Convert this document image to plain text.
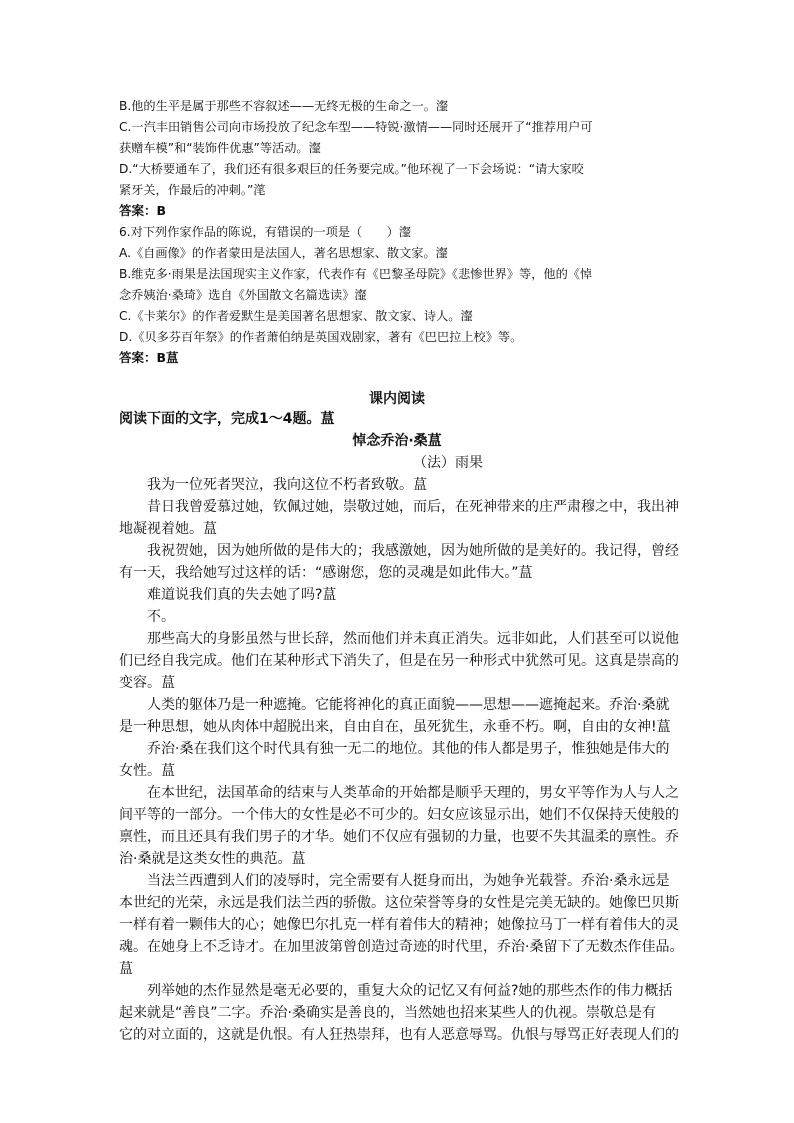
B.他的生平是属于那些不容叙述——无终无极的生命之一。瀣
C.一汽丰田销售公司向市场投放了纪念车型——特锐·激情——同时还展开了“推荐用户可
获赠车模”和“装饰件优惠”等活动。瀣
D.“大桥要通车了，我们还有很多艰巨的任务要完成。”他环视了一下会场说：“请大家咬
紧牙关，作最后的冲刺。”滗
答案：B
6.对下列作家作品的陈说，有错误的一项是（　　）瀣
A.《自画像》的作者蒙田是法国人，著名思想家、散文家。瀣
B.维克多·雨果是法国现实主义作家，代表作有《巴黎圣母院》《悲惨世界》等，他的《悼
念乔姨治·桑琦》选自《外国散文名篇选读》瀣
C.《卡莱尔》的作者爱默生是美国著名思想家、散文家、诗人。瀣
D.《贝多芬百年祭》的作者萧伯纳是英国戏剧家，著有《巴巴拉上校》等。
答案：B蒀
课内阅读
阅读下面的文字，完成1～4题。蒀
悼念乔治·桑蒀
（法）雨果
我为一位死者哭泣，我向这位不朽者致敬。蒀
昔日我曾爱慕过她，钦佩过她，崇敬过她，而后，在死神带来的庄严肃穆之中，我出神
地凝视着她。蒀
我祝贺她，因为她所做的是伟大的；我感激她，因为她所做的是美好的。我记得，曾经
有一天，我给她写过这样的话：“感谢您，您的灵魂是如此伟大。”蒀
难道说我们真的失去她了吗?蒀
不。
那些高大的身影虽然与世长辞，然而他们并未真正消失。远非如此，人们甚至可以说他
们已经自我完成。他们在某种形式下消失了，但是在另一种形式中犹然可见。这真是崇高的
变容。蒀
人类的躯体乃是一种遮掩。它能将神化的真正面貌——思想——遮掩起来。乔治·桑就
是一种思想，她从肉体中超脱出来，自由自在，虽死犹生，永垂不朽。啊，自由的女神!蒀
乔治·桑在我们这个时代具有独一无二的地位。其他的伟人都是男子，惟独她是伟大的
女性。蒀
在本世纪，法国革命的结束与人类革命的开始都是顺乎天理的，男女平等作为人与人之
间平等的一部分。一个伟大的女性是必不可少的。妇女应该显示出，她们不仅保持天使般的
禀性，而且还具有我们男子的才华。她们不仅应有强韧的力量，也要不失其温柔的禀性。乔
治·桑就是这类女性的典范。蒀
当法兰西遭到人们的凌辱时，完全需要有人挺身而出，为她争光载誉。乔治·桑永远是
本世纪的光荣，永远是我们法兰西的骄傲。这位荣誉等身的女性是完美无缺的。她像巴贝斯
一样有着一颗伟大的心；她像巴尔扎克一样有着伟大的精神；她像拉马丁一样有着伟大的灵
魂。在她身上不乏诗才。在加里波第曾创造过奇迹的时代里，乔治·桑留下了无数杰作佳品。
蒀
列举她的杰作显然是毫无必要的，重复大众的记忆又有何益?她的那些杰作的伟力概括
起来就是“善良”二字。乔治·桑确实是善良的，当然她也招来某些人的仇视。崇敬总是有
它的对立面的，这就是仇恨。有人狂热崇拜，也有人恶意辱骂。仇恨与辱骂正好表现人们的
